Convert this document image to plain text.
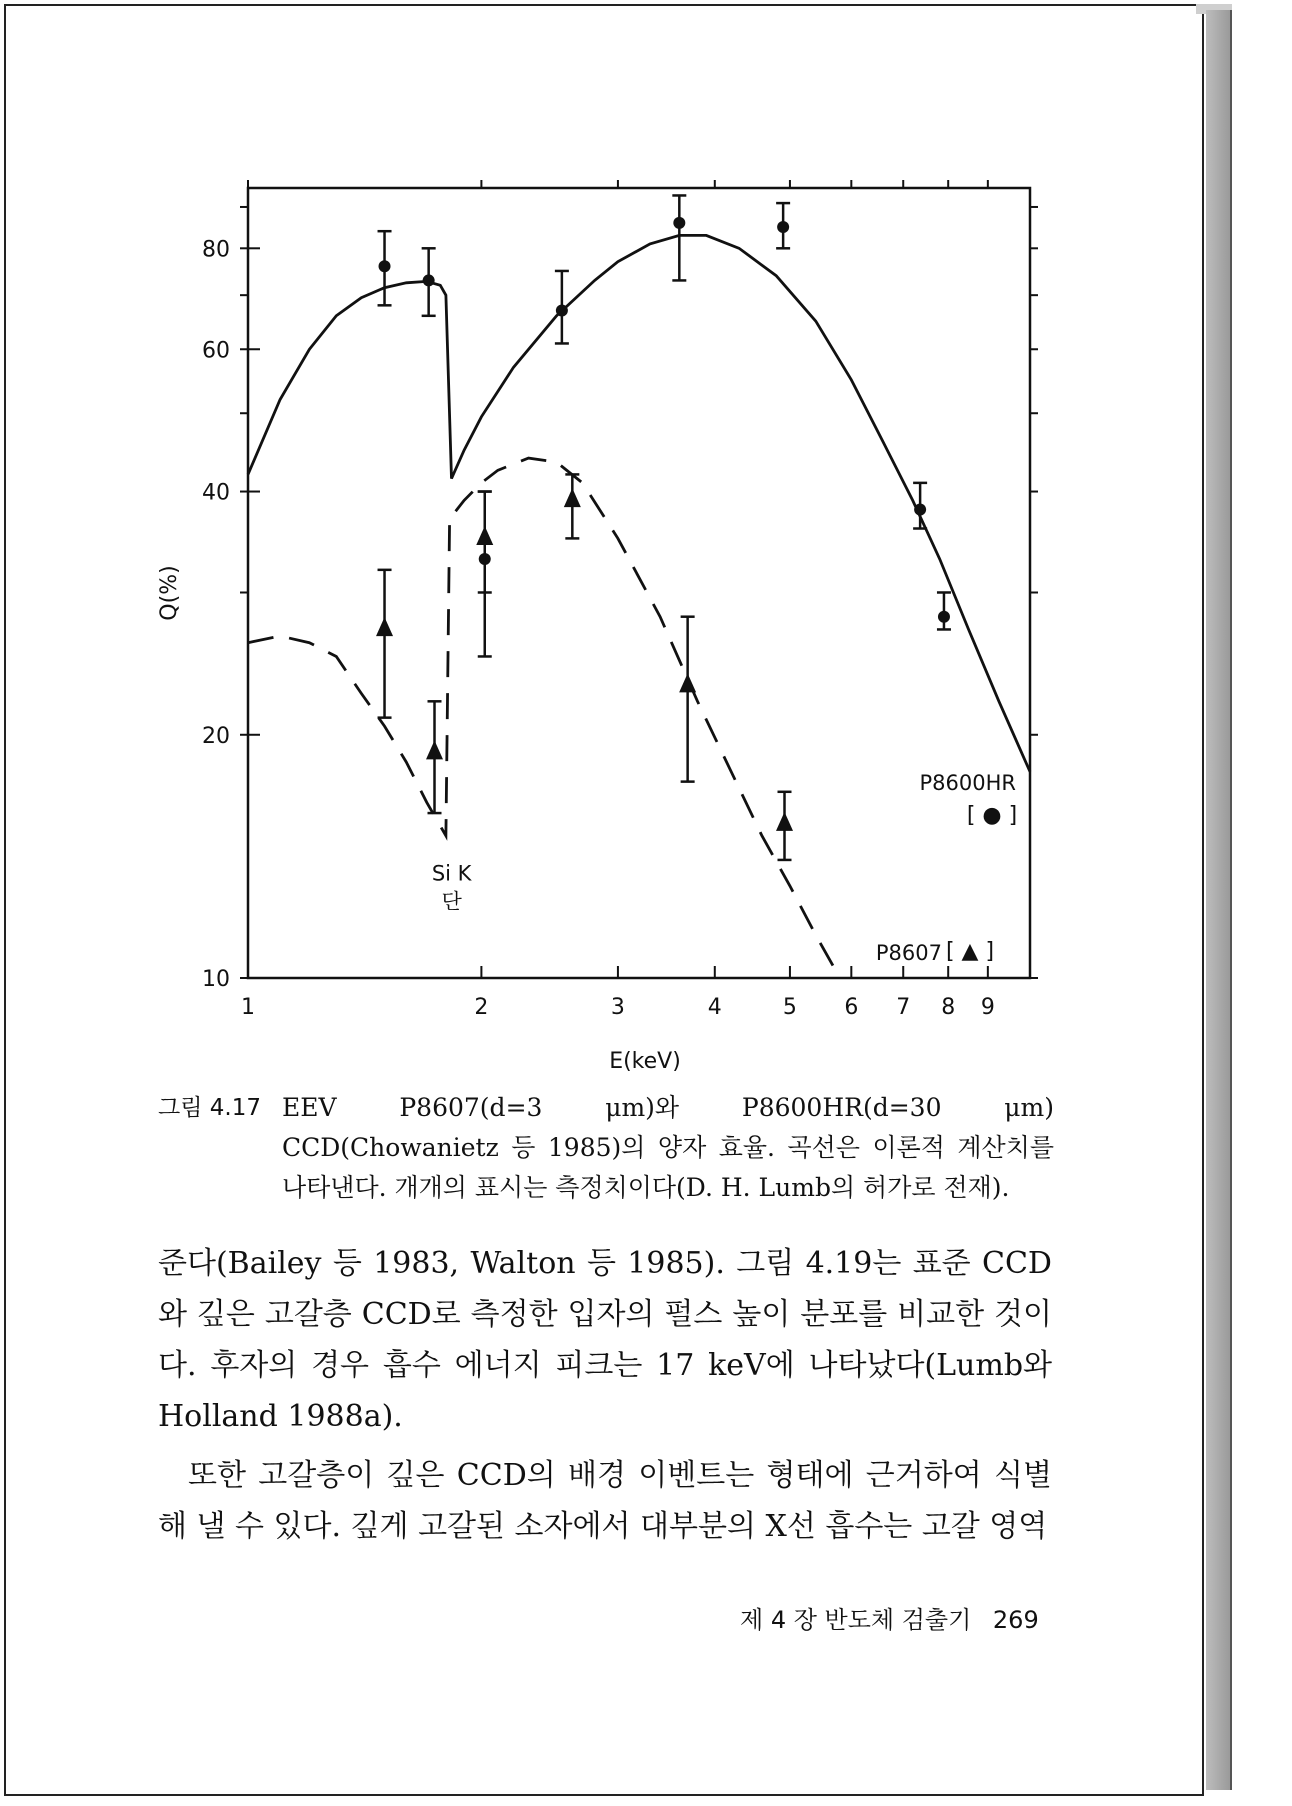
1	2	3	4	5 6 7 8 9
10
20
40
60
80
E(keV)
Q(%)
Si K
단
P8600HR
[ ● ]
P8607 [ ▲ ]
그림 4.17 EEV P8607(d=3 μm)와 P8600HR(d=30 μm) CCD(Chowanietz 등 1985)의 양자 효율. 곡선은 이론적 계산치를 나타낸다. 개개의 표시는 측정치이다(D. H. Lumb의 허가로 전재).

준다(Bailey 등 1983, Walton 등 1985). 그림 4.19는 표준 CCD와 깊은 고갈층 CCD로 측정한 입자의 펄스 높이 분포를 비교한 것이다. 후자의 경우 흡수 에너지 피크는 17 keV에 나타났다(Lumb와 Holland 1988a).

또한 고갈층이 깊은 CCD의 배경 이벤트는 형태에 근거하여 식별해 낼 수 있다. 깊게 고갈된 소자에서 대부분의 X선 흡수는 고갈 영역

제 4 장 반도체 검출기 269
